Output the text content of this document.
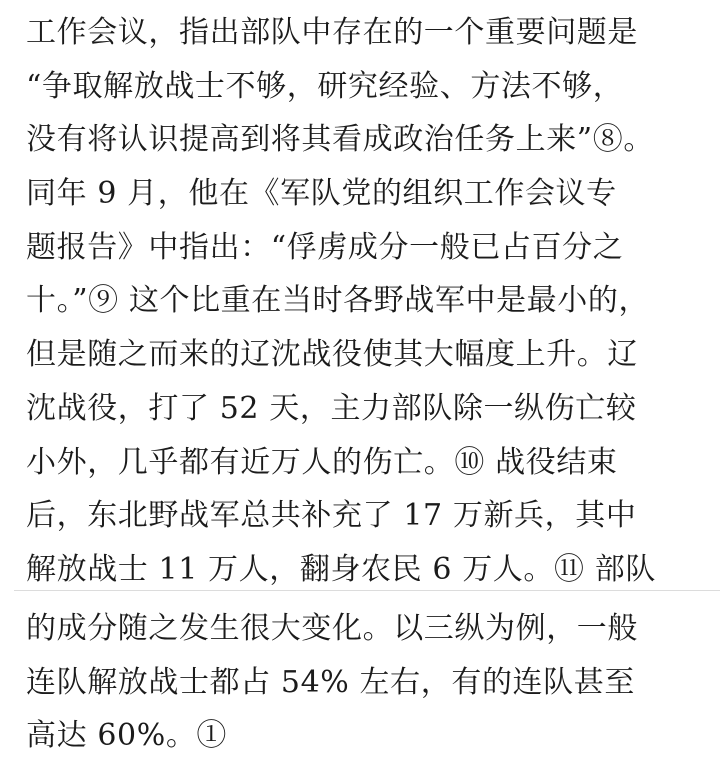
工作会议，指出部队中存在的一个重要问题是
“争取解放战士不够，研究经验、方法不够，
没有将认识提高到将其看成政治任务上来”⑧。
同年 9 月，他在《军队党的组织工作会议专
题报告》中指出：“俘虏成分一般已占百分之
十。”⑨ 这个比重在当时各野战军中是最小的，
但是随之而来的辽沈战役使其大幅度上升。辽
沈战役，打了 52 天，主力部队除一纵伤亡较
小外，几乎都有近万人的伤亡。⑩ 战役结束
后，东北野战军总共补充了 17 万新兵，其中
解放战士 11 万人，翻身农民 6 万人。⑪ 部队
的成分随之发生很大变化。以三纵为例，一般
连队解放战士都占 54% 左右，有的连队甚至
高达 60%。①
